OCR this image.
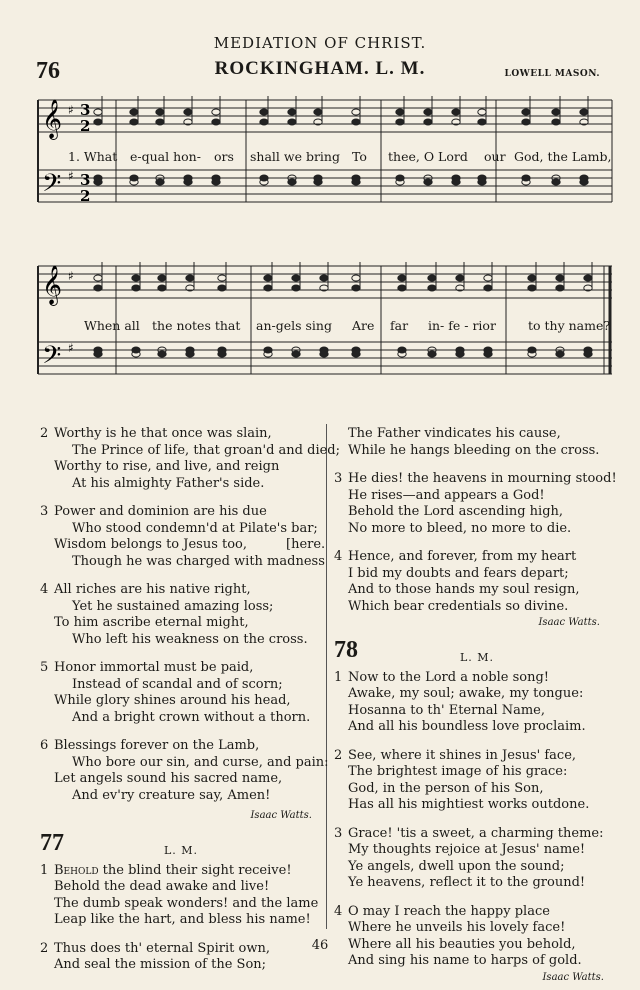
MEDIATION OF CHRIST.
76	ROCKINGHAM. L. M.	LOWELL MASON.
𝄞
𝄢
♯
♯
3
2
3
2
1. What e-qual hon- ors shall we bring To thee, O Lord our God, the Lamb,
𝄞
𝄢
♯
♯
When all the notes that an-gels sing Are far in- fe - rior	to thy name?
2 Worthy is he that once was slain,
The Prince of life, that groan'd and died;
Worthy to rise, and live, and reign
At his almighty Father's side.
3 Power and dominion are his due
Who stood condemn'd at Pilate's bar;
Wisdom belongs to Jesus too,	[here.
Though he was charged with madness
4 All riches are his native right,
Yet he sustained amazing loss;
To him ascribe eternal might,
Who left his weakness on the cross.
5 Honor immortal must be paid,
Instead of scandal and of scorn;
While glory shines around his head,
And a bright crown without a thorn.
6 Blessings forever on the Lamb,
Who bore our sin, and curse, and pain:
Let angels sound his sacred name,
And ev'ry creature say, Amen!
Isaac Watts.
77	L. M.
1 Behold the blind their sight receive!
Behold the dead awake and live!
The dumb speak wonders! and the lame
Leap like the hart, and bless his name!
2 Thus does th' eternal Spirit own,
And seal the mission of the Son;
The Father vindicates his cause,
While he hangs bleeding on the cross.
3 He dies! the heavens in mourning stood!
He rises—and appears a God!
Behold the Lord ascending high,
No more to bleed, no more to die.
4 Hence, and forever, from my heart
I bid my doubts and fears depart;
And to those hands my soul resign,
Which bear credentials so divine.
Isaac Watts.
78	L. M.
1 Now to the Lord a noble song!
Awake, my soul; awake, my tongue:
Hosanna to th' Eternal Name,
And all his boundless love proclaim.
2 See, where it shines in Jesus' face,
The brightest image of his grace:
God, in the person of his Son,
Has all his mightiest works outdone.
3 Grace! 'tis a sweet, a charming theme:
My thoughts rejoice at Jesus' name!
Ye angels, dwell upon the sound;
Ye heavens, reflect it to the ground!
4 O may I reach the happy place
Where he unveils his lovely face!
Where all his beauties you behold,
And sing his name to harps of gold.
Isaac Watts.
46
